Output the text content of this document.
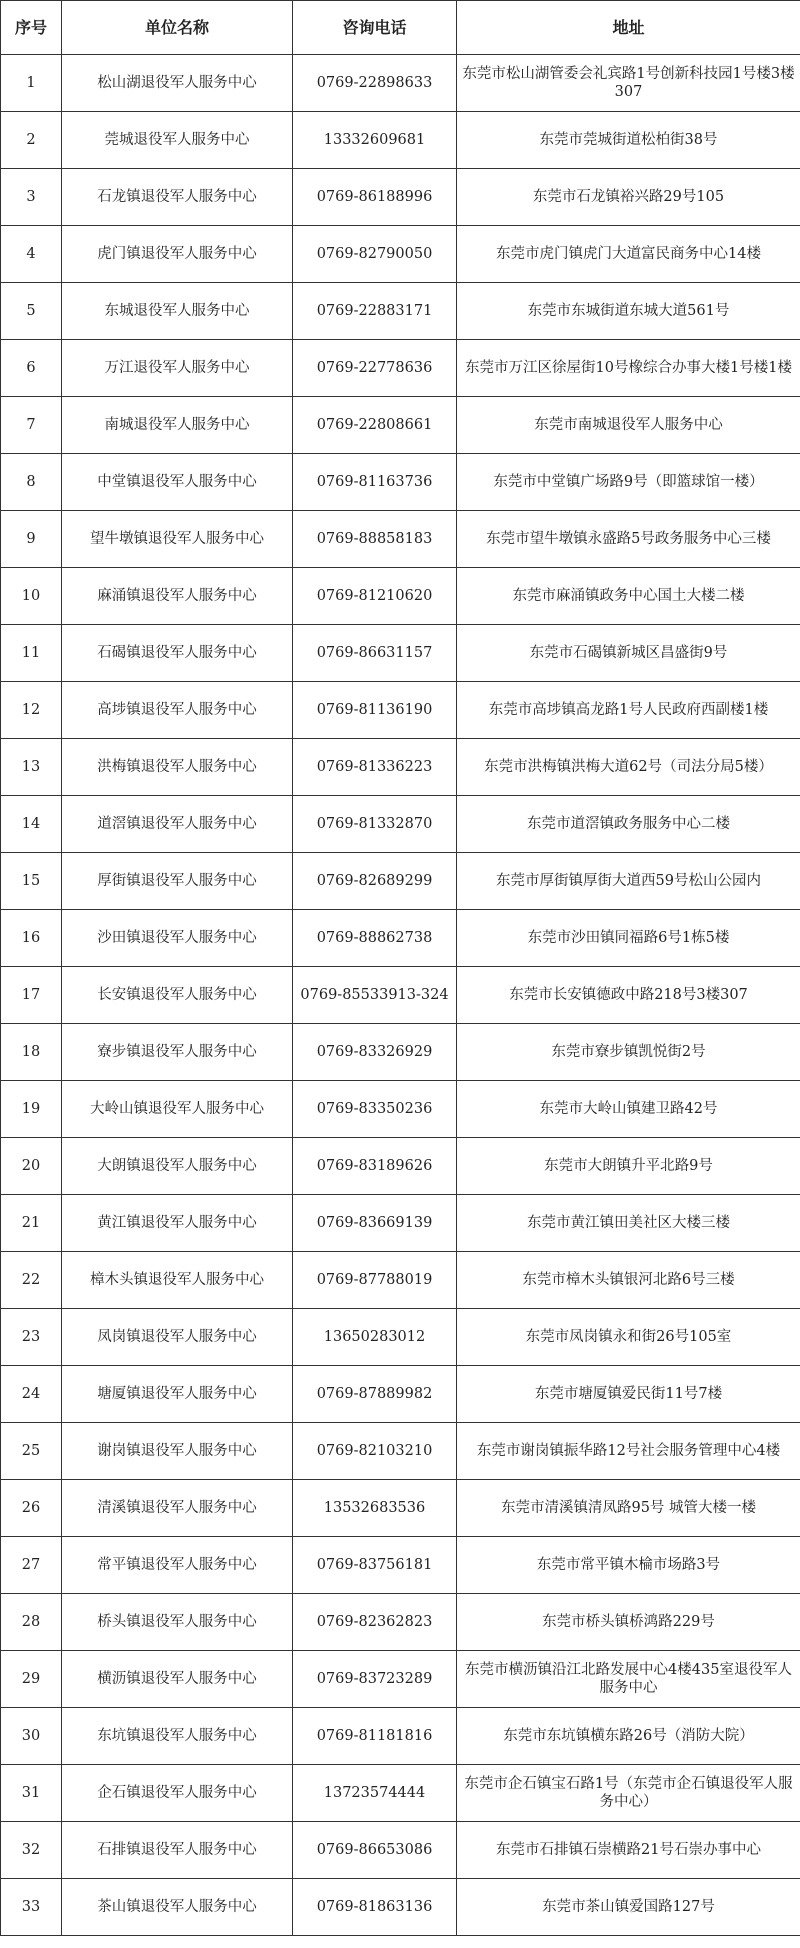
序号	单位名称	咨询电话	地址
1	松山湖退役军人服务中心	0769-22898633	东莞市松山湖管委会礼宾路1号创新科技园1号楼3楼307
2	莞城退役军人服务中心	13332609681	东莞市莞城街道松柏街38号
3	石龙镇退役军人服务中心	0769-86188996	东莞市石龙镇裕兴路29号105
4	虎门镇退役军人服务中心	0769-82790050	东莞市虎门镇虎门大道富民商务中心14楼
5	东城退役军人服务中心	0769-22883171	东莞市东城街道东城大道561号
6	万江退役军人服务中心	0769-22778636	东莞市万江区徐屋街10号橡综合办事大楼1号楼1楼
7	南城退役军人服务中心	0769-22808661	东莞市南城退役军人服务中心
8	中堂镇退役军人服务中心	0769-81163736	东莞市中堂镇广场路9号（即篮球馆一楼）
9	望牛墩镇退役军人服务中心	0769-88858183	东莞市望牛墩镇永盛路5号政务服务中心三楼
10	麻涌镇退役军人服务中心	0769-81210620	东莞市麻涌镇政务中心国土大楼二楼
11	石碣镇退役军人服务中心	0769-86631157	东莞市石碣镇新城区昌盛街9号
12	高埗镇退役军人服务中心	0769-81136190	东莞市高埗镇高龙路1号人民政府西副楼1楼
13	洪梅镇退役军人服务中心	0769-81336223	东莞市洪梅镇洪梅大道62号（司法分局5楼）
14	道滘镇退役军人服务中心	0769-81332870	东莞市道滘镇政务服务中心二楼
15	厚街镇退役军人服务中心	0769-82689299	东莞市厚街镇厚街大道西59号松山公园内
16	沙田镇退役军人服务中心	0769-88862738	东莞市沙田镇同福路6号1栋5楼
17	长安镇退役军人服务中心	0769-85533913-324	东莞市长安镇德政中路218号3楼307
18	寮步镇退役军人服务中心	0769-83326929	东莞市寮步镇凯悦街2号
19	大岭山镇退役军人服务中心	0769-83350236	东莞市大岭山镇建卫路42号
20	大朗镇退役军人服务中心	0769-83189626	东莞市大朗镇升平北路9号
21	黄江镇退役军人服务中心	0769-83669139	东莞市黄江镇田美社区大楼三楼
22	樟木头镇退役军人服务中心	0769-87788019	东莞市樟木头镇银河北路6号三楼
23	凤岗镇退役军人服务中心	13650283012	东莞市凤岗镇永和街26号105室
24	塘厦镇退役军人服务中心	0769-87889982	东莞市塘厦镇爱民街11号7楼
25	谢岗镇退役军人服务中心	0769-82103210	东莞市谢岗镇振华路12号社会服务管理中心4楼
26	清溪镇退役军人服务中心	13532683536	东莞市清溪镇清凤路95号 城管大楼一楼
27	常平镇退役军人服务中心	0769-83756181	东莞市常平镇木棆市场路3号
28	桥头镇退役军人服务中心	0769-82362823	东莞市桥头镇桥鸿路229号
29	横沥镇退役军人服务中心	0769-83723289	东莞市横沥镇沿江北路发展中心4楼435室退役军人服务中心
30	东坑镇退役军人服务中心	0769-81181816	东莞市东坑镇横东路26号（消防大院）
31	企石镇退役军人服务中心	13723574444	东莞市企石镇宝石路1号（东莞市企石镇退役军人服务中心）
32	石排镇退役军人服务中心	0769-86653086	东莞市石排镇石崇横路21号石崇办事中心
33	茶山镇退役军人服务中心	0769-81863136	东莞市茶山镇爱国路127号
